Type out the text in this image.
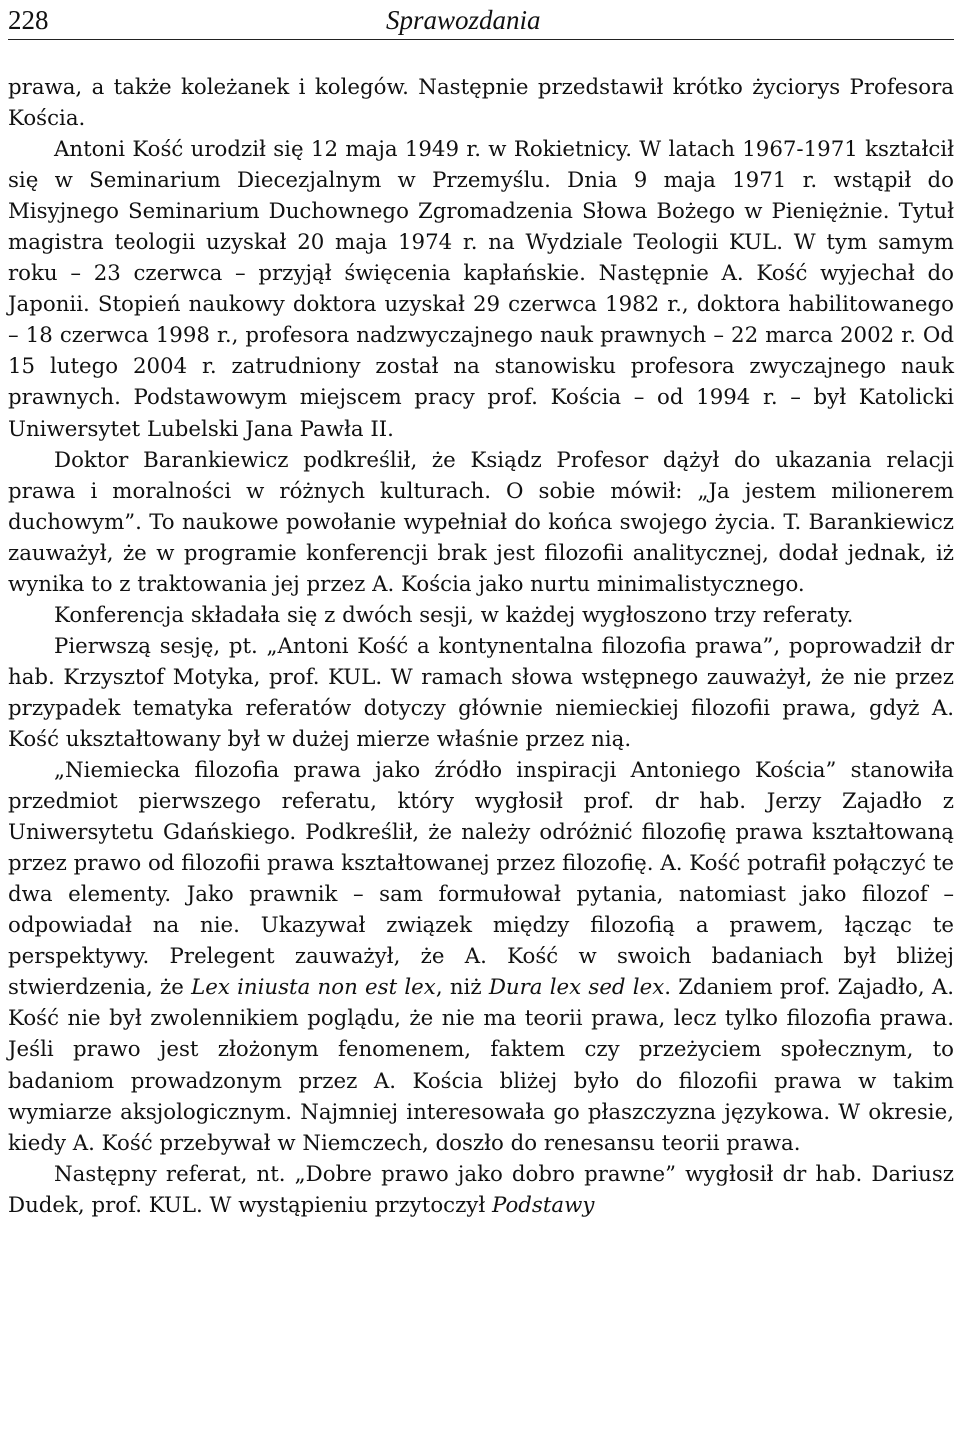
228	Sprawozdania

prawa, a także koleżanek i kolegów. Następnie przedstawił krótko życiorys Profesora Kościa.

Antoni Kość urodził się 12 maja 1949 r. w Rokietnicy. W latach 1967-1971 kształcił się w Seminarium Diecezjalnym w Przemyślu. Dnia 9 maja 1971 r. wstąpił do Misyjnego Seminarium Duchownego Zgromadzenia Słowa Bożego w Pieniężnie. Tytuł magistra teologii uzyskał 20 maja 1974 r. na Wydziale Teologii KUL. W tym samym roku – 23 czerwca – przyjął święcenia kapłańskie. Następnie A. Kość wyjechał do Japonii. Stopień naukowy doktora uzyskał 29 czerwca 1982 r., doktora habilitowanego – 18 czerwca 1998 r., profesora nadzwyczajnego nauk prawnych – 22 marca 2002 r. Od 15 lutego 2004 r. zatrudniony został na stanowisku profesora zwyczajnego nauk prawnych. Podstawowym miejscem pracy prof. Kościa – od 1994 r. – był Katolicki Uniwersytet Lubelski Jana Pawła II.

Doktor Barankiewicz podkreślił, że Ksiądz Profesor dążył do ukazania relacji prawa i moralności w różnych kulturach. O sobie mówił: „Ja jestem milionerem duchowym”. To naukowe powołanie wypełniał do końca swojego życia. T. Barankiewicz zauważył, że w programie konferencji brak jest filozofii analitycznej, dodał jednak, iż wynika to z traktowania jej przez A. Kościa jako nurtu minimalistycznego.

Konferencja składała się z dwóch sesji, w każdej wygłoszono trzy referaty.

Pierwszą sesję, pt. „Antoni Kość a kontynentalna filozofia prawa”, poprowadził dr hab. Krzysztof Motyka, prof. KUL. W ramach słowa wstępnego zauważył, że nie przez przypadek tematyka referatów dotyczy głównie niemieckiej filozofii prawa, gdyż A. Kość ukształtowany był w dużej mierze właśnie przez nią.

„Niemiecka filozofia prawa jako źródło inspiracji Antoniego Kościa” stanowiła przedmiot pierwszego referatu, który wygłosił prof. dr hab. Jerzy Zajadło z Uniwersytetu Gdańskiego. Podkreślił, że należy odróżnić filozofię prawa kształtowaną przez prawo od filozofii prawa kształtowanej przez filozofię. A. Kość potrafił połączyć te dwa elementy. Jako prawnik – sam formułował pytania, natomiast jako filozof – odpowiadał na nie. Ukazywał związek między filozofią a prawem, łącząc te perspektywy. Prelegent zauważył, że A. Kość w swoich badaniach był bliżej stwierdzenia, że Lex iniusta non est lex, niż Dura lex sed lex. Zdaniem prof. Zajadło, A. Kość nie był zwolennikiem poglądu, że nie ma teorii prawa, lecz tylko filozofia prawa. Jeśli prawo jest złożonym fenomenem, faktem czy przeżyciem społecznym, to badaniom prowadzonym przez A. Kościa bliżej było do filozofii prawa w takim wymiarze aksjologicznym. Najmniej interesowała go płaszczyzna językowa. W okresie, kiedy A. Kość przebywał w Niemczech, doszło do renesansu teorii prawa.

Następny referat, nt. „Dobre prawo jako dobro prawne” wygłosił dr hab. Dariusz Dudek, prof. KUL. W wystąpieniu przytoczył Podstawy
